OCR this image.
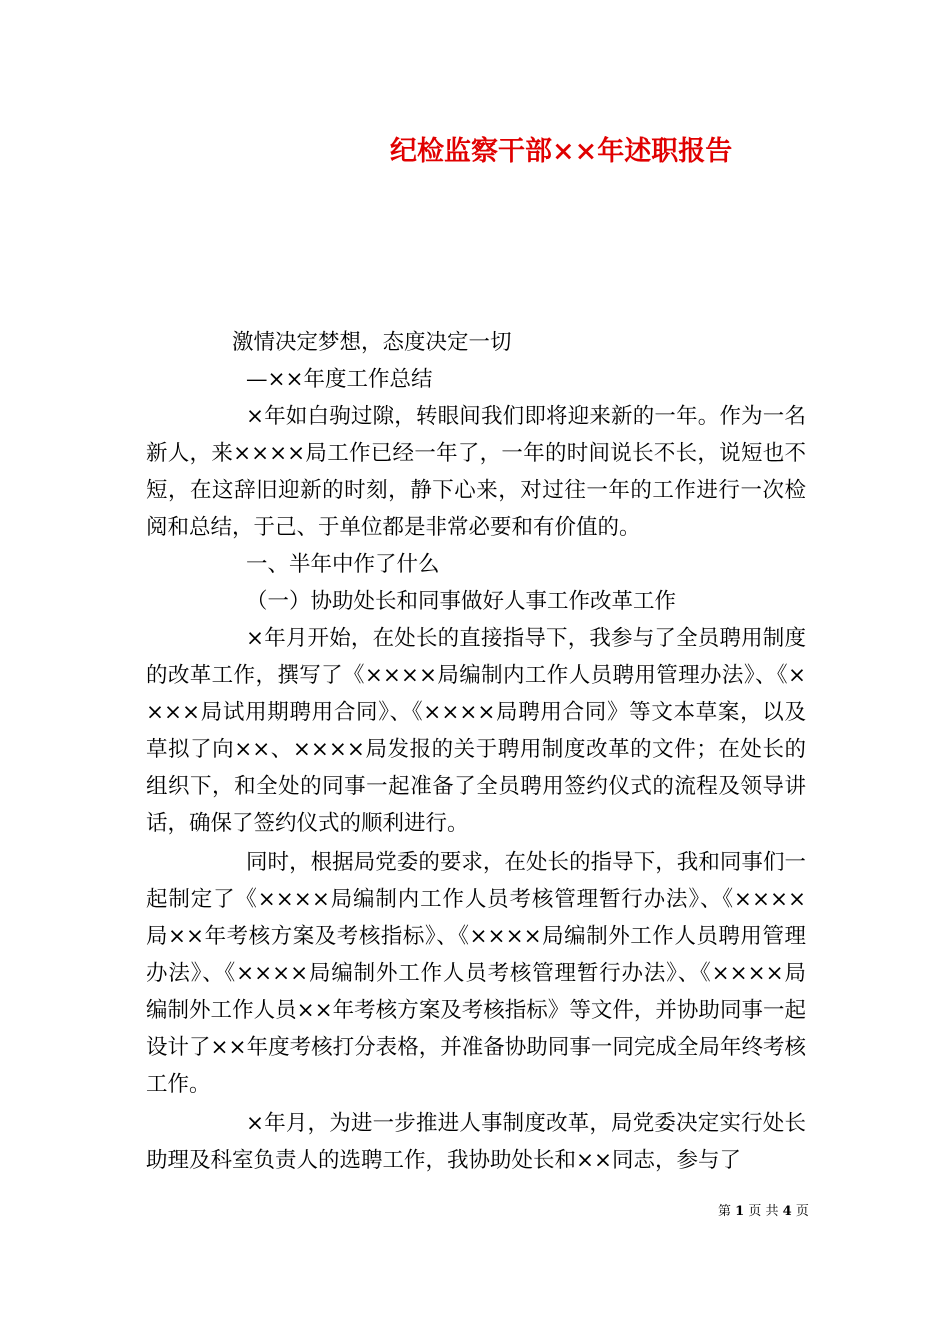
纪检监察干部××年述职报告

激情决定梦想，态度决定一切

—××年度工作总结

×年如白驹过隙，转眼间我们即将迎来新的一年。作为一名新人，来××××局工作已经一年了，一年的时间说长不长，说短也不短，在这辞旧迎新的时刻，静下心来，对过往一年的工作进行一次检阅和总结，于己、于单位都是非常必要和有价值的。

一、半年中作了什么

（一）协助处长和同事做好人事工作改革工作

×年月开始，在处长的直接指导下，我参与了全员聘用制度的改革工作，撰写了《××××局编制内工作人员聘用管理办法》、《××××局试用期聘用合同》、《××××局聘用合同》等文本草案，以及草拟了向××、××××局发报的关于聘用制度改革的文件；在处长的组织下，和全处的同事一起准备了全员聘用签约仪式的流程及领导讲话，确保了签约仪式的顺利进行。

同时，根据局党委的要求，在处长的指导下，我和同事们一起制定了《××××局编制内工作人员考核管理暂行办法》、《××××局××年考核方案及考核指标》、《××××局编制外工作人员聘用管理办法》、《××××局编制外工作人员考核管理暂行办法》、《××××局编制外工作人员××年考核方案及考核指标》等文件，并协助同事一起设计了××年度考核打分表格，并准备协助同事一同完成全局年终考核工作。

×年月，为进一步推进人事制度改革，局党委决定实行处长助理及科室负责人的选聘工作，我协助处长和××同志，参与了

第 1 页 共 4 页
